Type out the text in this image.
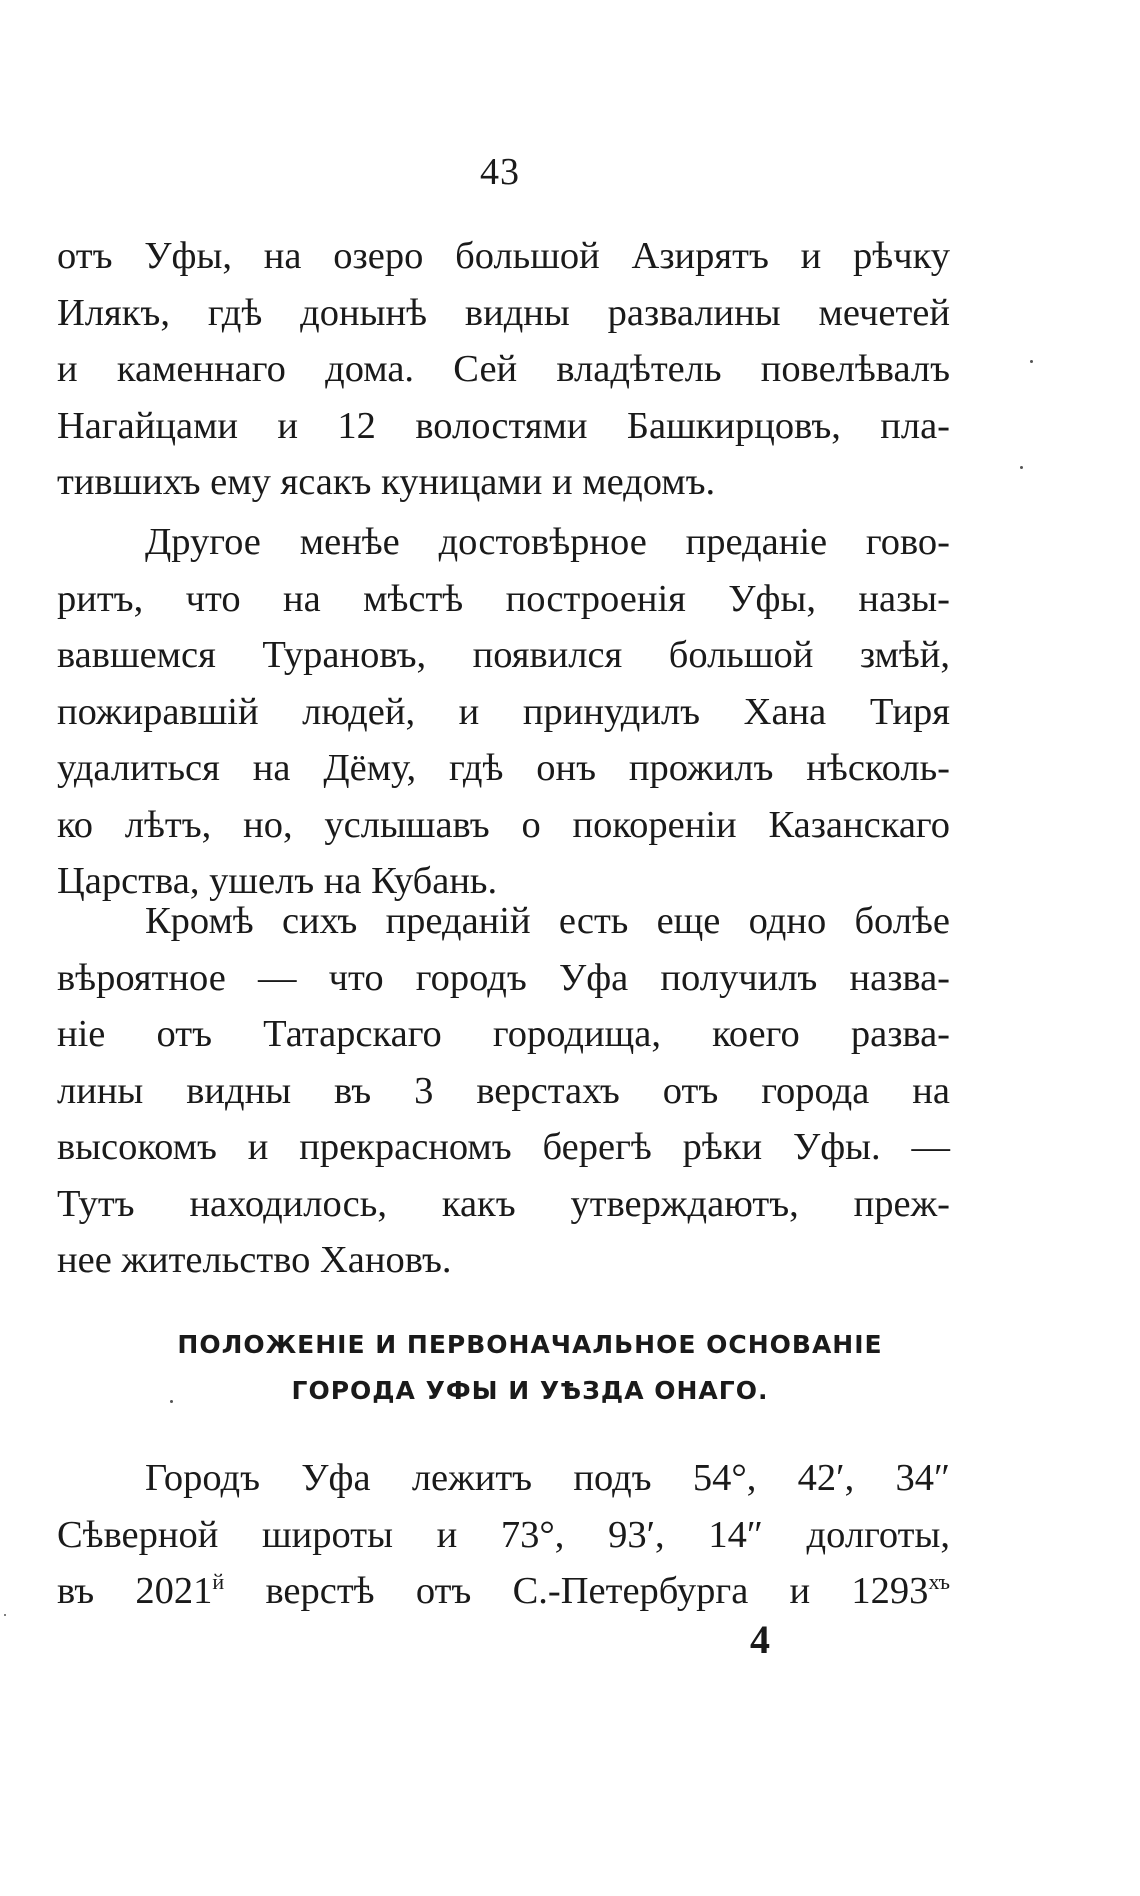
43
отъ Уфы, на озеро большой Азирятъ и рѣчку
Илякъ, гдѣ донынѣ видны развалины мечетей
и каменнаго дома. Сей владѣтель повелѣвалъ
Нагайцами и 12 волостями Башкирцовъ, пла-
тившихъ ему ясакъ куницами и медомъ.
Другое менѣе достовѣрное преданіе гово-
ритъ, что на мѣстѣ построенія Уфы, назы-
вавшемся Турановъ, появился большой змѣй,
пожиравшій людей, и принудилъ Хана Тиря
удалиться на Дёму, гдѣ онъ прожилъ нѣсколь-
ко лѣтъ, но, услышавъ о покореніи Казанскаго
Царства, ушелъ на Кубань.
Кромѣ сихъ преданій есть еще одно болѣе
вѣроятное — что городъ Уфа получилъ назва-
ніе отъ Татарскаго городища, коего разва-
лины видны въ 3 верстахъ отъ города на
высокомъ и прекрасномъ берегѣ рѣки Уфы. —
Тутъ находилось, какъ утверждаютъ, преж-
нее жительство Хановъ.
ПОЛОЖЕНІЕ И ПЕРВОНАЧАЛЬНОЕ ОСНОВАНІЕ
ГОРОДА УФЫ И УѢЗДА ОНАГО.
Городъ Уфа лежитъ подъ 54°, 42′, 34″
Сѣверной широты и 73°, 93′, 14″ долготы,
въ $2021^й$ верстѣ отъ С.-Петербурга и $1293^{хъ}$
4
